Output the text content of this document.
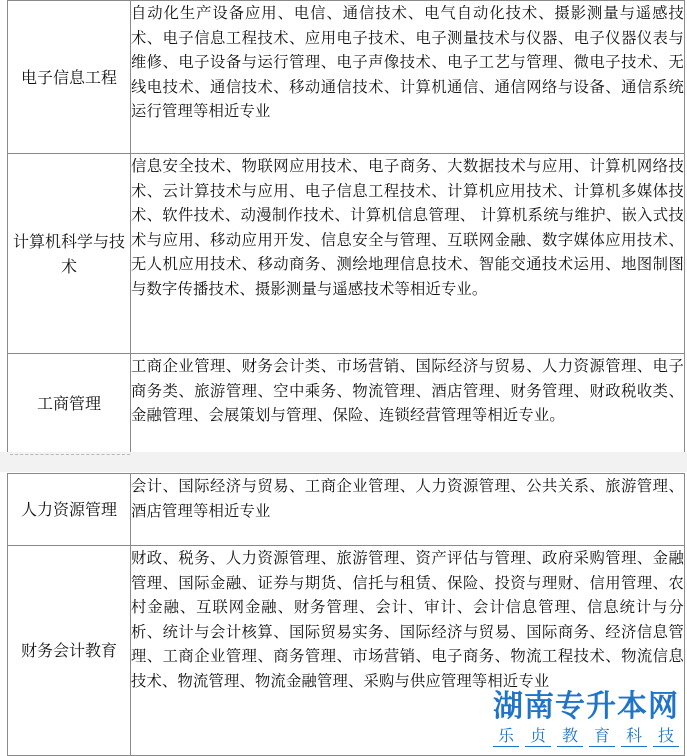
电子信息工程	自动化生产设备应用、电信、通信技术、电气自动化技术、摄影测量与遥感技术、电子信息工程技术、应用电子技术、电子测量技术与仪器、电子仪器仪表与维修、电子设备与运行管理、电子声像技术、电子工艺与管理、微电子技术、无线电技术、通信技术、移动通信技术、计算机通信、通信网络与设备、通信系统运行管理等相近专业
计算机科学与技术	信息安全技术、物联网应用技术、电子商务、大数据技术与应用、计算机网络技术、云计算技术与应用、电子信息工程技术、计算机应用技术、计算机多媒体技术、软件技术、动漫制作技术、计算机信息管理、 计算机系统与维护、嵌入式技术与应用、移动应用开发、信息安全与管理、互联网金融、数字媒体应用技术、无人机应用技术、移动商务、测绘地理信息技术、智能交通技术运用、地图制图与数字传播技术、摄影测量与遥感技术等相近专业。
工商管理	工商企业管理、财务会计类、市场营销、国际经济与贸易、人力资源管理、电子商务类、旅游管理、空中乘务、物流管理、酒店管理、财务管理、财政税收类、金融管理、会展策划与管理、保险、连锁经营管理等相近专业。
人力资源管理	会计、国际经济与贸易、工商企业管理、人力资源管理、公共关系、旅游管理、酒店管理等相近专业
财务会计教育	财政、税务、人力资源管理、旅游管理、资产评估与管理、政府采购管理、金融管理、国际金融、证券与期货、信托与租赁、保险、投资与理财、信用管理、农村金融、互联网金融、财务管理、会计、审计、会计信息管理、信息统计与分析、统计与会计核算、国际贸易实务、国际经济与贸易、国际商务、经济信息管理、工商企业管理、商务管理、市场营销、电子商务、物流工程技术、物流信息技术、物流管理、物流金融管理、采购与供应管理等相近专业
湖南专升本网
乐 贞 教 育 科 技
